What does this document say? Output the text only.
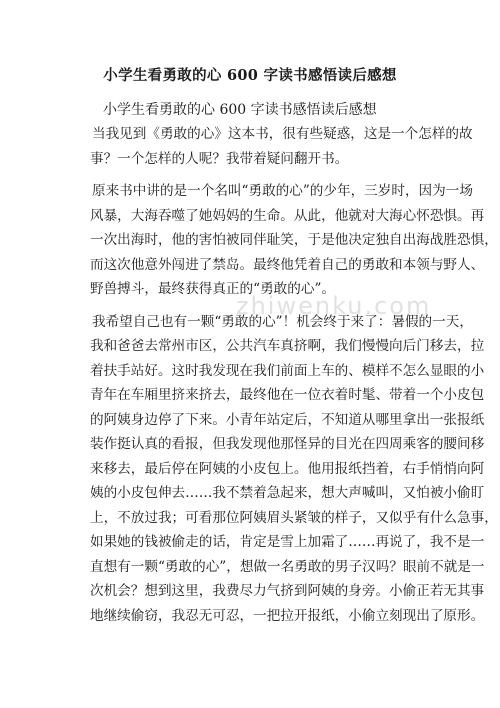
小学生看勇敢的心 600 字读书感悟读后感想
小学生看勇敢的心 600 字读书感悟读后感想

当我见到《勇敢的心》这本书，很有些疑惑，这是一个怎样的故
事？一个怎样的人呢？我带着疑问翻开书。

原来书中讲的是一个名叫“勇敢的心”的少年，三岁时，因为一场
风暴，大海吞噬了她妈妈的生命。从此，他就对大海心怀恐惧。再
一次出海时，他的害怕被同伴耻笑，于是他决定独自出海战胜恐惧，
而这次他意外闯进了禁岛。最终他凭着自己的勇敢和本领与野人、
野兽搏斗，最终获得真正的“勇敢的心”。

我希望自己也有一颗“勇敢的心”！机会终于来了：暑假的一天，
我和爸爸去常州市区，公共汽车真挤啊，我们慢慢向后门移去，拉
着扶手站好。这时我发现在我们前面上车的、模样不怎么显眼的小
青年在车厢里挤来挤去，最终他在一位衣着时髦、带着一个小皮包
的阿姨身边停了下来。小青年站定后，不知道从哪里拿出一张报纸
装作挺认真的看报，但我发现他那怪异的目光在四周乘客的腰间移
来移去，最后停在阿姨的小皮包上。他用报纸挡着，右手悄悄向阿
姨的小皮包伸去……我不禁着急起来，想大声喊叫，又怕被小偷盯
上，不放过我；可看那位阿姨眉头紧皱的样子，又似乎有什么急事，
如果她的钱被偷走的话，肯定是雪上加霜了……再说了，我不是一
直想有一颗“勇敢的心”，想做一名勇敢的男子汉吗？眼前不就是一
次机会？想到这里，我费尽力气挤到阿姨的身旁。小偷正若无其事
地继续偷窃，我忍无可忍，一把拉开报纸，小偷立刻现出了原形。

zhiwenku.com
